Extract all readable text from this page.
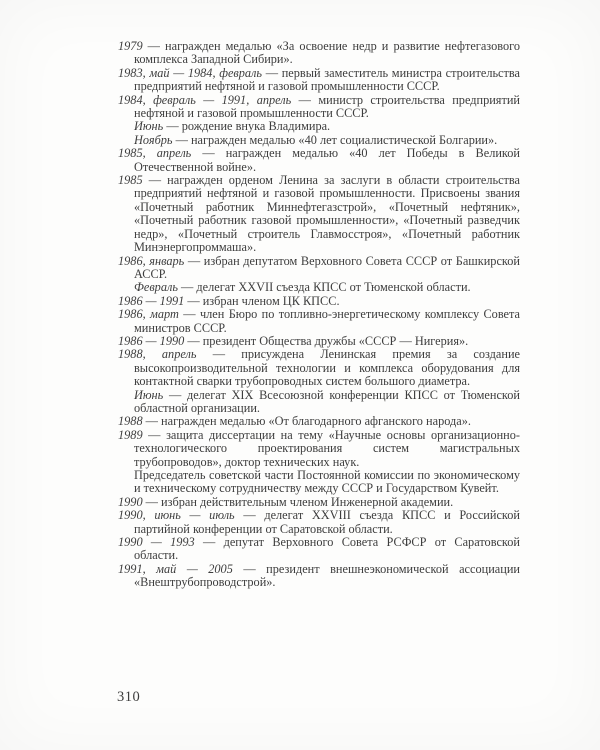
1979 — награжден медалью «За освоение недр и развитие нефтегазового комплекса Западной Сибири».

1983, май — 1984, февраль — первый заместитель министра строительства предприятий нефтяной и газовой промышленности СССР.

1984, февраль — 1991, апрель — министр строительства предприятий нефтяной и газовой промышленности СССР.

Июнь — рождение внука Владимира.

Ноябрь — награжден медалью «40 лет социалистической Болгарии».

1985, апрель — награжден медалью «40 лет Победы в Великой Отечественной войне».

1985 — награжден орденом Ленина за заслуги в области строительства предприятий нефтяной и газовой промышленности. Присвоены звания «Почетный работник Миннефтегазстрой», «Почетный нефтяник», «Почетный работник газовой промышленности», «Почетный разведчик недр», «Почетный строитель Главмосстроя», «Почетный работник Минэнергопроммаша».

1986, январь — избран депутатом Верховного Совета СССР от Башкирской АССР.

Февраль — делегат XXVII съезда КПСС от Тюменской области.

1986 — 1991 — избран членом ЦК КПСС.

1986, март — член Бюро по топливно-энергетическому комплексу Совета министров СССР.

1986 — 1990 — президент Общества дружбы «СССР — Нигерия».

1988, апрель — присуждена Ленинская премия за создание высокопроизводительной технологии и комплекса оборудования для контактной сварки трубопроводных систем большого диаметра.

Июнь — делегат XIX Всесоюзной конференции КПСС от Тюменской областной организации.

1988 — награжден медалью «От благодарного афганского народа».

1989 — защита диссертации на тему «Научные основы организационно-технологического проектирования систем магистральных трубопроводов», доктор технических наук.

Председатель советской части Постоянной комиссии по экономическому и техническому сотрудничеству между СССР и Государством Кувейт.

1990 — избран действительным членом Инженерной академии.

1990, июнь — июль — делегат XXVIII съезда КПСС и Российской партийной конференции от Саратовской области.

1990 — 1993 — депутат Верховного Совета РСФСР от Саратовской области.

1991, май — 2005 — президент внешнеэкономической ассоциации «Внештрубопроводстрой».

310
